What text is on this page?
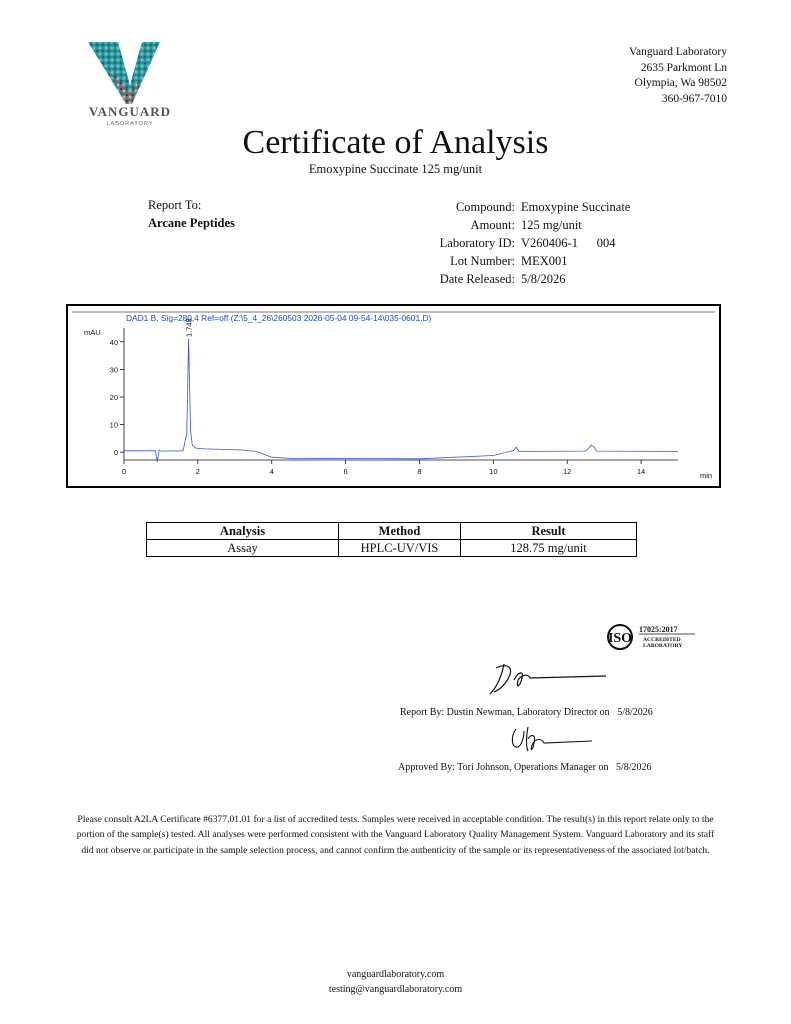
VANGUARD
LABORATORY
Vanguard Laboratory
2635 Parkmont Ln
Olympia, Wa 98502
360-967-7010
Certificate of Analysis
Emoxypine Succinate 125 mg/unit
Report To:
Arcane Peptides
Compound: Emoxypine Succinate
Amount: 125 mg/unit
Laboratory ID: V260406-1      004
Lot Number: MEX001
Date Released: 5/8/2026
DAD1 B, Sig=280,4 Ref=off (Z:\5_4_26\260503 2026-05-04 09-54-14\035-0601.D)
mAU
min
0
10
20
30
40
0	2	4	6	8	10	12	14
1.748
Analysis	Method	Result
Assay	HPLC-UV/VIS	128.75 mg/unit
ISO
17025:2017
ACCREDITED
LABORATORY
Report By: Dustin Newman, Laboratory Director on 5/8/2026
Approved By: Tori Johnson, Operations Manager on 5/8/2026
Please consult A2LA Certificate #6377.01.01 for a list of accredited tests. Samples were received in acceptable condition. The result(s) in this report relate only to the portion of the sample(s) tested. All analyses were performed consistent with the Vanguard Laboratory Quality Management System. Vanguard Laboratory and its staff did not observe or participate in the sample selection process, and cannot confirm the authenticity of the sample or its representativeness of the associated lot/batch.
vanguardlaboratory.com
testing@vanguardlaboratory.com
